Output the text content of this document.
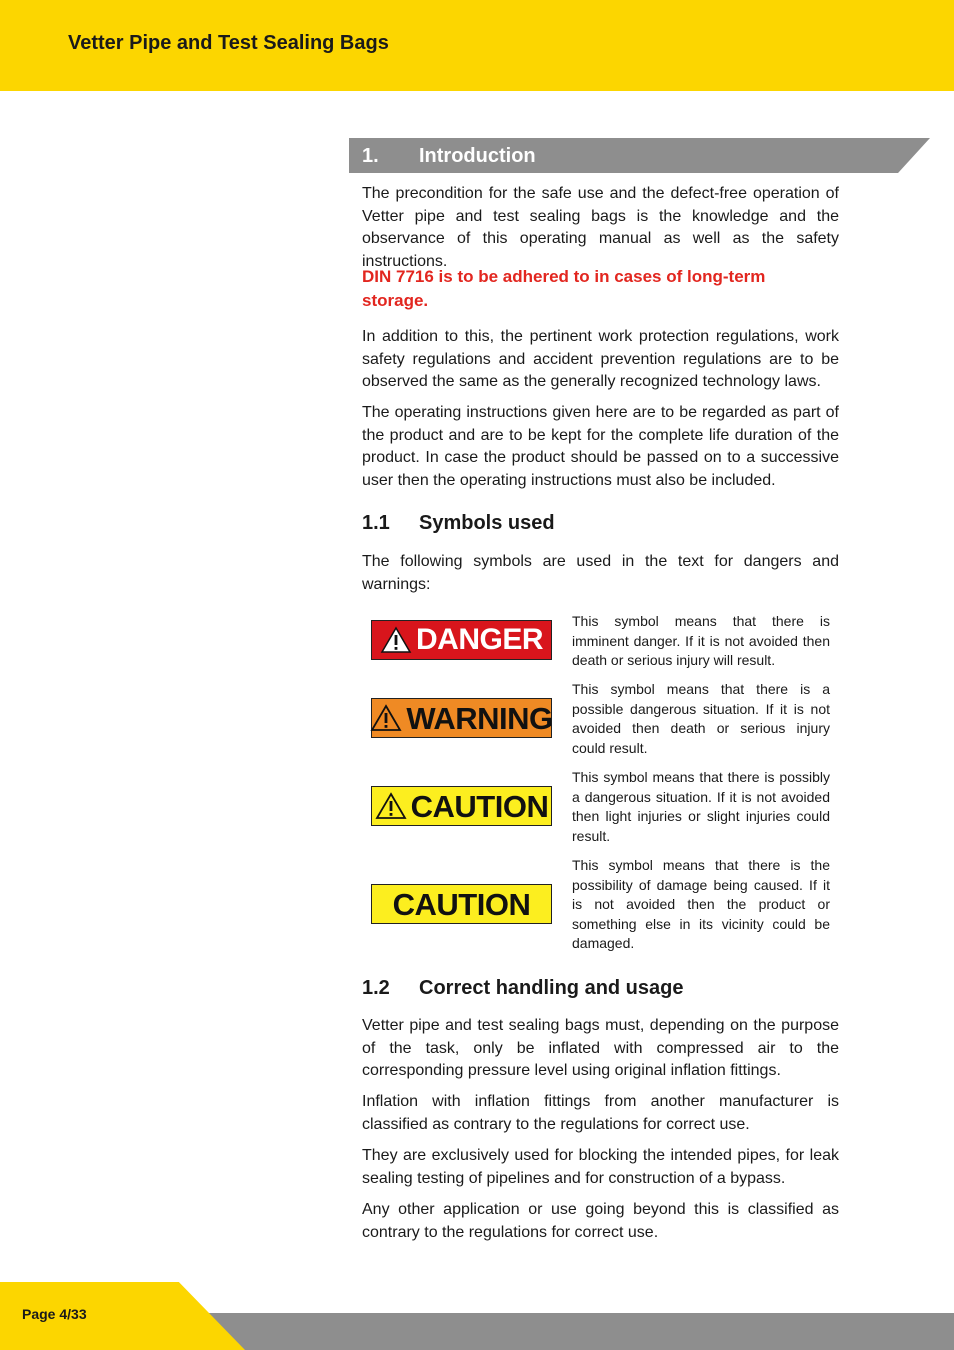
Vetter Pipe and Test Sealing Bags
1. Introduction

The precondition for the safe use and the defect-free operation of Vetter pipe and test sealing bags is the knowledge and the observance of this operating manual as well as the safety instructions.

DIN 7716 is to be adhered to in cases of long-term storage.

In addition to this, the pertinent work protection regulations, work safety regulations and accident prevention regulations are to be observed the same as the generally recognized technology laws.

The operating instructions given here are to be regarded as part of the product and are to be kept for the complete life duration of the product. In case the product should be passed on to a successive user then the operating instructions must also be included.

1.1 Symbols used

The following symbols are used in the text for dangers and warnings:

DANGER

This symbol means that there is imminent danger. If it is not avoided then death or serious injury will result.

WARNING

This symbol means that there is a possible dangerous situation. If it is not avoided then death or serious injury could result.

CAUTION

This symbol means that there is possibly a dangerous situation. If it is not avoided then light injuries or slight injuries could result.

CAUTION

This symbol means that there is the possibility of damage being caused. If it is not avoided then the product or something else in its vicinity could be damaged.

1.2 Correct handling and usage

Vetter pipe and test sealing bags must, depending on the purpose of the task, only be inflated with compressed air to the corresponding pressure level using original inflation fittings.

Inflation with inflation fittings from another manufacturer is classified as contrary to the regulations for correct use.

They are exclusively used for blocking the intended pipes, for leak sealing testing of pipelines and for construction of a bypass.

Any other application or use going beyond this is classified as contrary to the regulations for correct use.

Page 4/33
